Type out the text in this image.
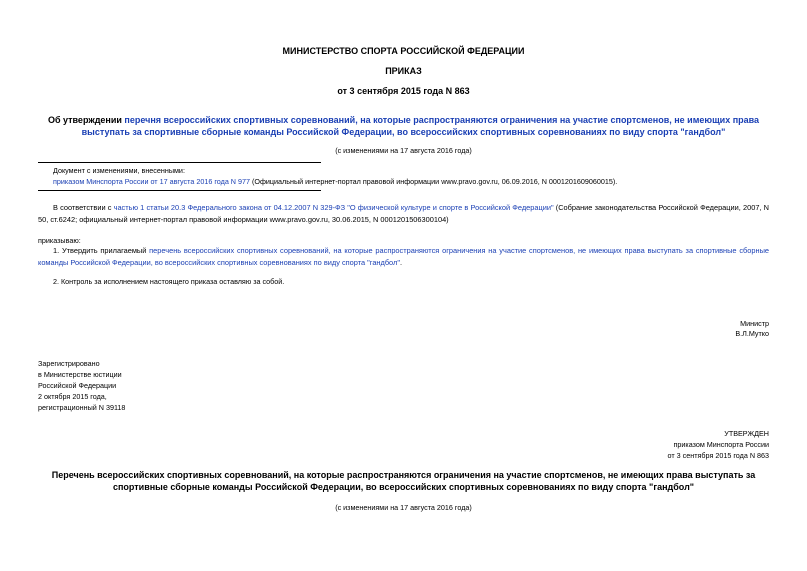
МИНИСТЕРСТВО СПОРТА РОССИЙСКОЙ ФЕДЕРАЦИИ
ПРИКАЗ
от 3 сентября 2015 года N 863
Об утверждении перечня всероссийских спортивных соревнований, на которые распространяются ограничения на участие спортсменов, не имеющих права выступать за спортивные сборные команды Российской Федерации, во всероссийских спортивных соревнованиях по виду спорта "гандбол"
(с изменениями на 17 августа 2016 года)
Документ с изменениями, внесенными:
приказом Минспорта России от 17 августа 2016 года N 977 (Официальный интернет-портал правовой информации www.pravo.gov.ru, 06.09.2016, N 0001201609060015).
В соответствии с частью 1 статьи 20.3 Федерального закона от 04.12.2007 N 329-ФЗ "О физической культуре и спорте в Российской Федерации" (Собрание законодательства Российской Федерации, 2007, N 50, ст.6242; официальный интернет-портал правовой информации www.pravo.gov.ru, 30.06.2015, N 0001201506300104)
приказываю:
1. Утвердить прилагаемый перечень всероссийских спортивных соревнований, на которые распространяются ограничения на участие спортсменов, не имеющих права выступать за спортивные сборные команды Российской Федерации, во всероссийских спортивных соревнованиях по виду спорта "гандбол".
2. Контроль за исполнением настоящего приказа оставляю за собой.
Министр
В.Л.Мутко
Зарегистрировано
в Министерстве юстиции
Российской Федерации
2 октября 2015 года,
регистрационный N 39118
УТВЕРЖДЕН
приказом Минспорта России
от 3 сентября 2015 года N 863
Перечень всероссийских спортивных соревнований, на которые распространяются ограничения на участие спортсменов, не имеющих права выступать за спортивные сборные команды Российской Федерации, во всероссийских спортивных соревнованиях по виду спорта "гандбол"
(с изменениями на 17 августа 2016 года)
